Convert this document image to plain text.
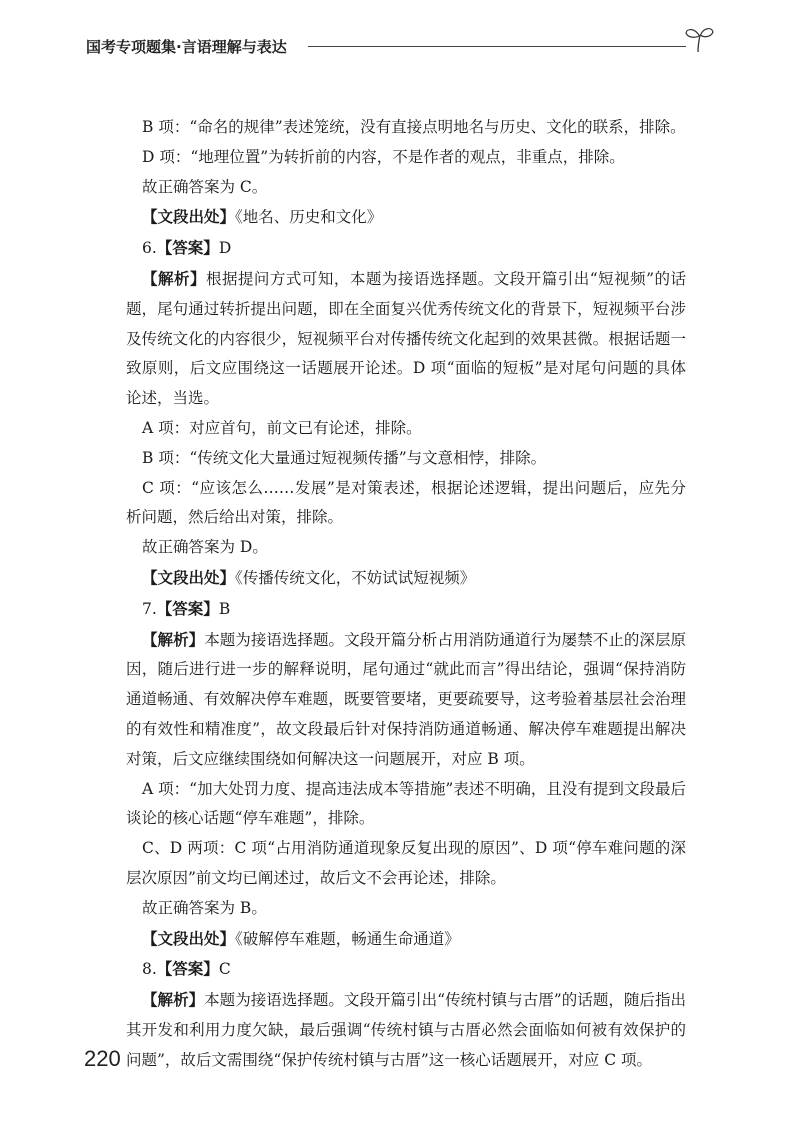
国考专项题集·言语理解与表达

B 项：“命名的规律”表述笼统，没有直接点明地名与历史、文化的联系，排除。

D 项：“地理位置”为转折前的内容，不是作者的观点，非重点，排除。

故正确答案为 C。

【文段出处】《地名、历史和文化》

6.【答案】D

【解析】根据提问方式可知，本题为接语选择题。文段开篇引出“短视频”的话题，尾句通过转折提出问题，即在全面复兴优秀传统文化的背景下，短视频平台涉及传统文化的内容很少，短视频平台对传播传统文化起到的效果甚微。根据话题一致原则，后文应围绕这一话题展开论述。D 项“面临的短板”是对尾句问题的具体论述，当选。

A 项：对应首句，前文已有论述，排除。

B 项：“传统文化大量通过短视频传播”与文意相悖，排除。

C 项：“应该怎么……发展”是对策表述，根据论述逻辑，提出问题后，应先分析问题，然后给出对策，排除。

故正确答案为 D。

【文段出处】《传播传统文化，不妨试试短视频》

7.【答案】B

【解析】本题为接语选择题。文段开篇分析占用消防通道行为屡禁不止的深层原因，随后进行进一步的解释说明，尾句通过“就此而言”得出结论，强调“保持消防通道畅通、有效解决停车难题，既要管要堵，更要疏要导，这考验着基层社会治理的有效性和精准度”，故文段最后针对保持消防通道畅通、解决停车难题提出解决对策，后文应继续围绕如何解决这一问题展开，对应 B 项。

A 项：“加大处罚力度、提高违法成本等措施”表述不明确，且没有提到文段最后谈论的核心话题“停车难题”，排除。

C、D 两项：C 项“占用消防通道现象反复出现的原因”、D 项“停车难问题的深层次原因”前文均已阐述过，故后文不会再论述，排除。

故正确答案为 B。

【文段出处】《破解停车难题，畅通生命通道》

8.【答案】C

【解析】本题为接语选择题。文段开篇引出“传统村镇与古厝”的话题，随后指出其开发和利用力度欠缺，最后强调“传统村镇与古厝必然会面临如何被有效保护的问题”，故后文需围绕“保护传统村镇与古厝”这一核心话题展开，对应 C 项。

220
